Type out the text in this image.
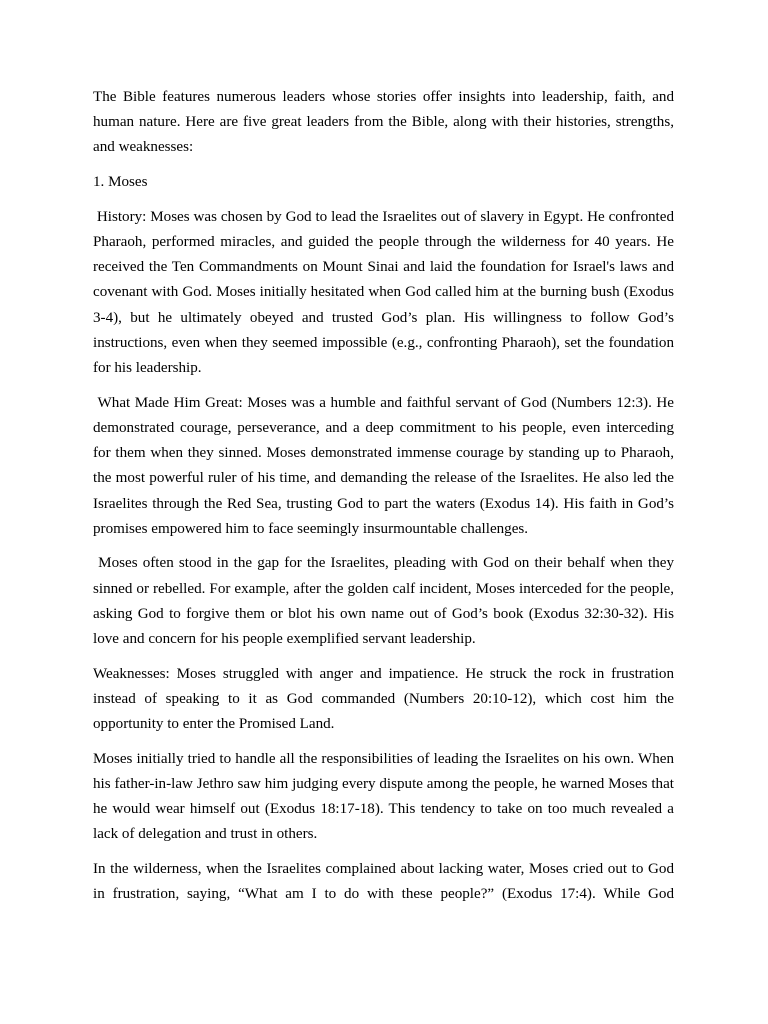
The Bible features numerous leaders whose stories offer insights into leadership, faith, and human nature. Here are five great leaders from the Bible, along with their histories, strengths, and weaknesses:

1. Moses

History: Moses was chosen by God to lead the Israelites out of slavery in Egypt. He confronted Pharaoh, performed miracles, and guided the people through the wilderness for 40 years. He received the Ten Commandments on Mount Sinai and laid the foundation for Israel's laws and covenant with God. Moses initially hesitated when God called him at the burning bush (Exodus 3-4), but he ultimately obeyed and trusted God’s plan. His willingness to follow God’s instructions, even when they seemed impossible (e.g., confronting Pharaoh), set the foundation for his leadership.

What Made Him Great: Moses was a humble and faithful servant of God (Numbers 12:3). He demonstrated courage, perseverance, and a deep commitment to his people, even interceding for them when they sinned. Moses demonstrated immense courage by standing up to Pharaoh, the most powerful ruler of his time, and demanding the release of the Israelites. He also led the Israelites through the Red Sea, trusting God to part the waters (Exodus 14). His faith in God’s promises empowered him to face seemingly insurmountable challenges.

Moses often stood in the gap for the Israelites, pleading with God on their behalf when they sinned or rebelled. For example, after the golden calf incident, Moses interceded for the people, asking God to forgive them or blot his own name out of God’s book (Exodus 32:30-32). His love and concern for his people exemplified servant leadership.

Weaknesses: Moses struggled with anger and impatience. He struck the rock in frustration instead of speaking to it as God commanded (Numbers 20:10-12), which cost him the opportunity to enter the Promised Land.

Moses initially tried to handle all the responsibilities of leading the Israelites on his own. When his father-in-law Jethro saw him judging every dispute among the people, he warned Moses that he would wear himself out (Exodus 18:17-18). This tendency to take on too much revealed a lack of delegation and trust in others.

In the wilderness, when the Israelites complained about lacking water, Moses cried out to God in frustration, saying, “What am I to do with these people?” (Exodus 17:4). While God
